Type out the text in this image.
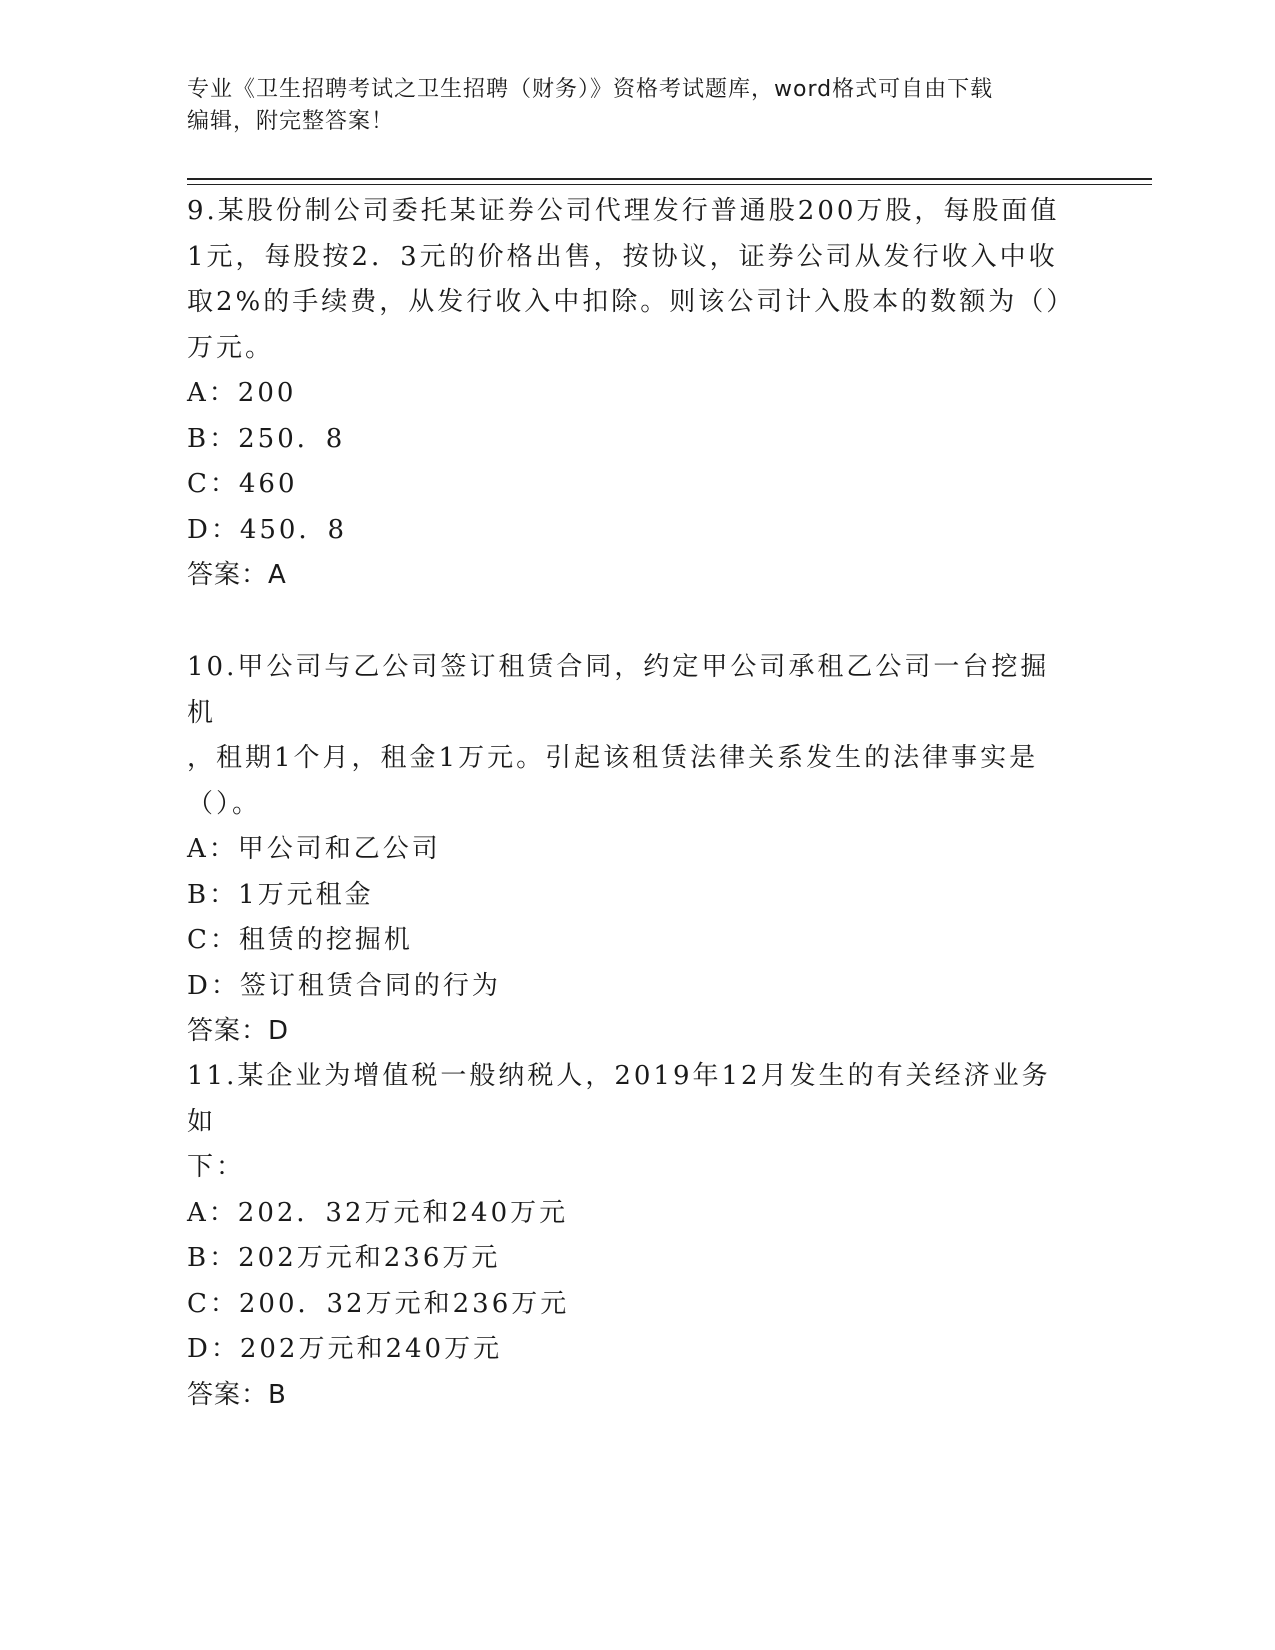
专业《卫生招聘考试之卫生招聘（财务）》资格考试题库，word格式可自由下载
编辑，附完整答案！
9.某股份制公司委托某证券公司代理发行普通股200万股，每股面值
1元，每股按2．3元的价格出售，按协议，证券公司从发行收入中收
取2%的手续费，从发行收入中扣除。则该公司计入股本的数额为（）
万元。
A：200
B：250．8
C：460
D：450．8
答案：A
10.甲公司与乙公司签订租赁合同，约定甲公司承租乙公司一台挖掘机
，租期1个月，租金1万元。引起该租赁法律关系发生的法律事实是
（）。
A：甲公司和乙公司
B：1万元租金
C：租赁的挖掘机
D：签订租赁合同的行为
答案：D
11.某企业为增值税一般纳税人，2019年12月发生的有关经济业务如
下：
A：202．32万元和240万元
B：202万元和236万元
C：200．32万元和236万元
D：202万元和240万元
答案：B
